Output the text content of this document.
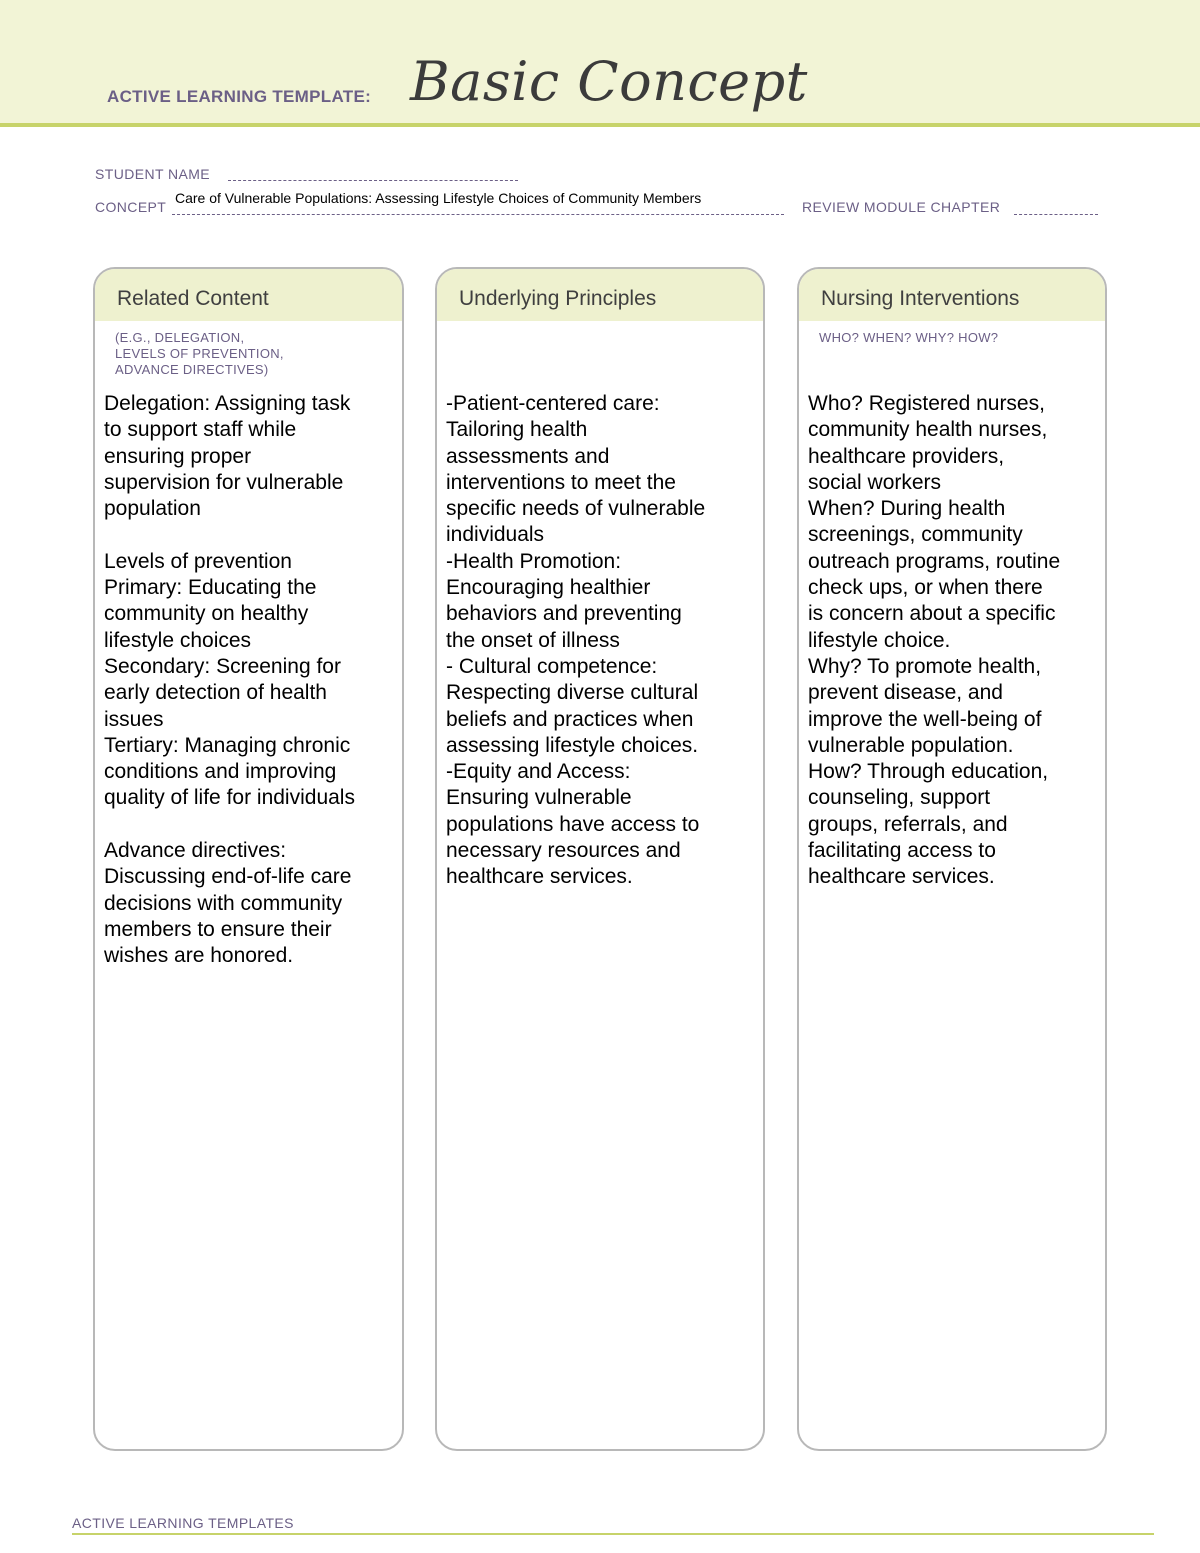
ACTIVE LEARNING TEMPLATE: Basic Concept
STUDENT NAME
CONCEPT
Care of Vulnerable Populations: Assessing Lifestyle Choices of Community Members
REVIEW MODULE CHAPTER
Related Content
(E.G., DELEGATION,
LEVELS OF PREVENTION,
ADVANCE DIRECTIVES)
Delegation: Assigning task
to support staff while
ensuring proper
supervision for vulnerable
population
Levels of prevention
Primary: Educating the
community on healthy
lifestyle choices
Secondary: Screening for
early detection of health
issues
Tertiary: Managing chronic
conditions and improving
quality of life for individuals
Advance directives:
Discussing end-of-life care
decisions with community
members to ensure their
wishes are honored.
Underlying Principles
-Patient-centered care:
Tailoring health
assessments and
interventions to meet the
specific needs of vulnerable
individuals
-Health Promotion:
Encouraging healthier
behaviors and preventing
the onset of illness
- Cultural competence:
Respecting diverse cultural
beliefs and practices when
assessing lifestyle choices.
-Equity and Access:
Ensuring vulnerable
populations have access to
necessary resources and
healthcare services.
Nursing Interventions
WHO? WHEN? WHY? HOW?
Who? Registered nurses,
community health nurses,
healthcare providers,
social workers
When? During health
screenings, community
outreach programs, routine
check ups, or when there
is concern about a specific
lifestyle choice.
Why? To promote health,
prevent disease, and
improve the well-being of
vulnerable population.
How? Through education,
counseling, support
groups, referrals, and
facilitating access to
healthcare services.
ACTIVE LEARNING TEMPLATES
